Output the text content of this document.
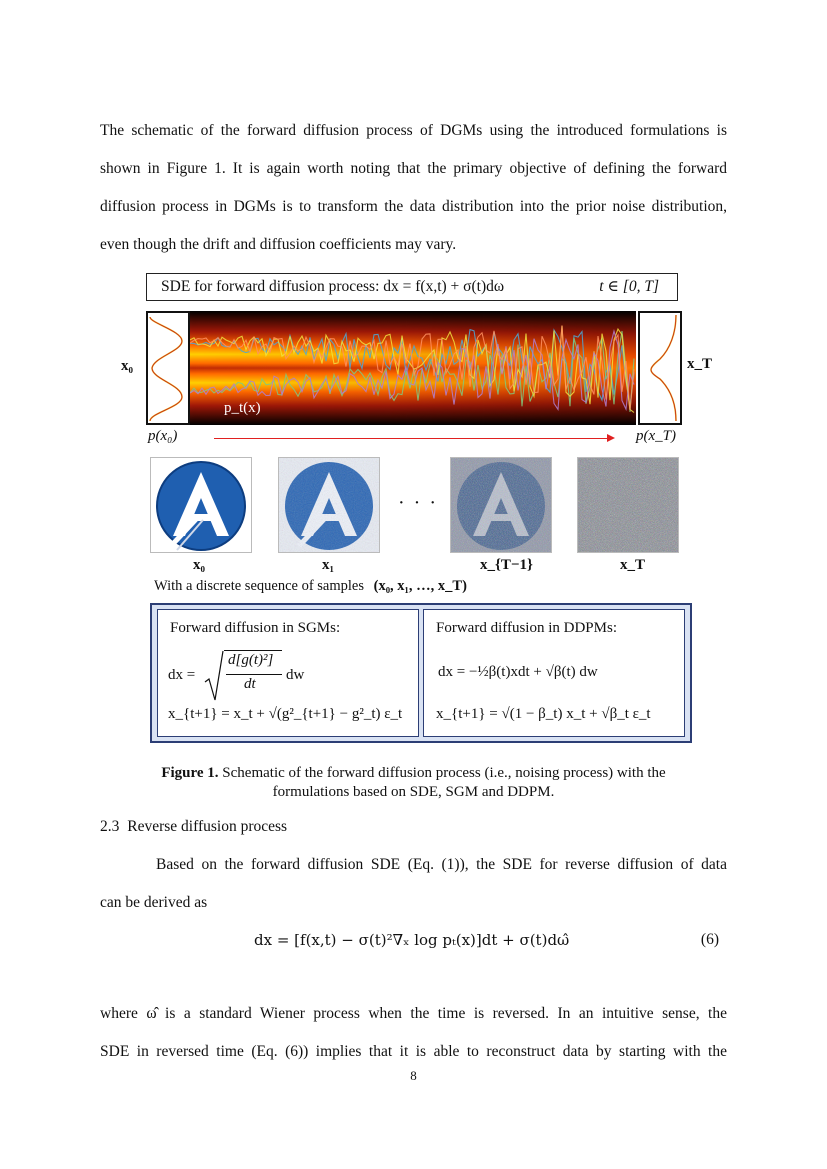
The schematic of the forward diffusion process of DGMs using the introduced formulations is
shown in Figure 1. It is again worth noting that the primary objective of defining the forward
diffusion process in DGMs is to transform the data distribution into the prior noise distribution,
even though the drift and diffusion coefficients may vary.
SDE for forward diffusion process: dx = f(x,t) + σ(t)dω	t ∈ [0, T]
p_t(x)
x₀	x_T
p(x₀)	p(x_T)
· · ·
x₀	x₁	x_{T−1}	x_T
With a discrete sequence of samples (x₀, x₁, …, x_T)
Forward diffusion in SGMs:
dx =
d[g(t)²]
dt
dw
x_{t+1} = x_t + √(g²_{t+1} − g²_t) ε_t
Forward diffusion in DDPMs:
dx = −½β(t)xdt + √β(t) dw
x_{t+1} = √(1 − β_t) x_t + √β_t ε_t
Figure 1. Schematic of the forward diffusion process (i.e., noising process) with the
formulations based on SDE, SGM and DDPM.
2.3 Reverse diffusion process
Based on the forward diffusion SDE (Eq. (1)), the SDE for reverse diffusion of data
can be derived as
dx = [f(x,t) − σ(t)²∇ₓ log pₜ(x)]dt + σ(t)dω̂	(6)
where ω̂ is a standard Wiener process when the time is reversed. In an intuitive sense, the
SDE in reversed time (Eq. (6)) implies that it is able to reconstruct data by starting with the
8
